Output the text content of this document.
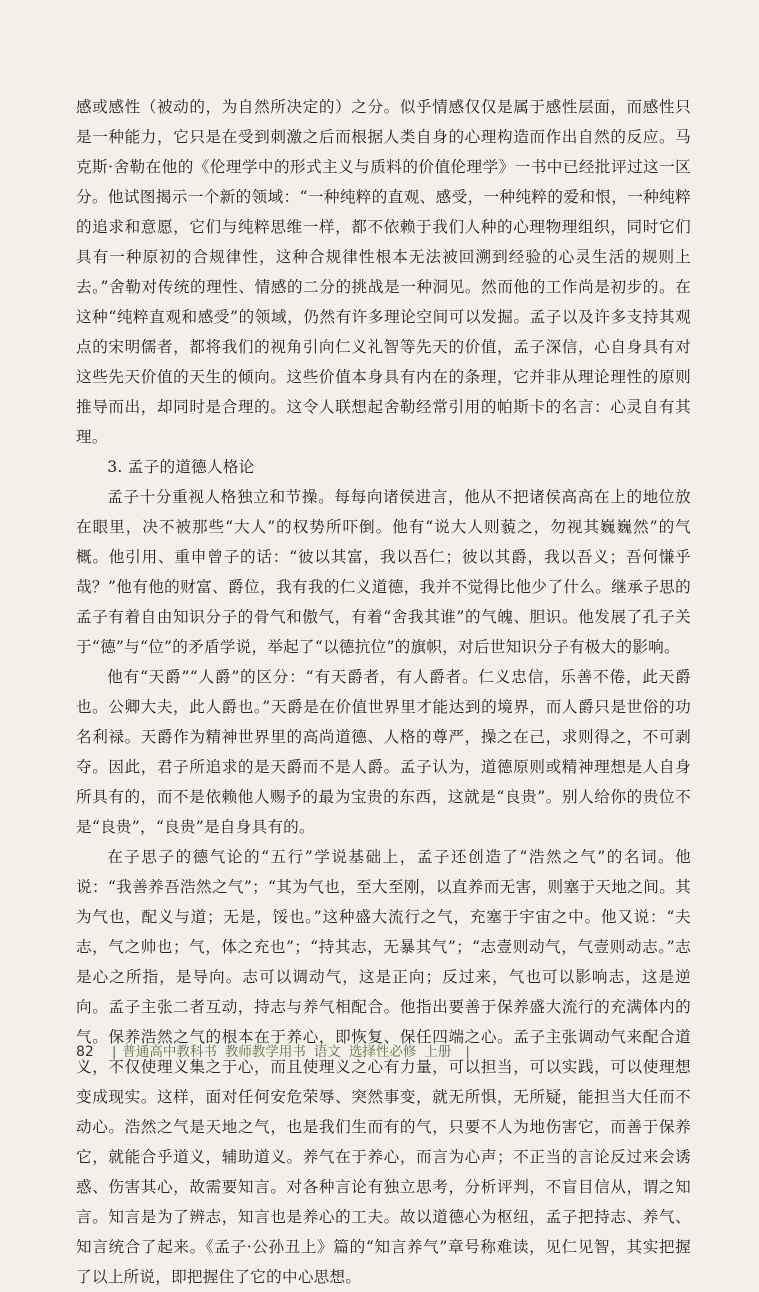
感或感性（被动的，为自然所决定的）之分。似乎情感仅仅是属于感性层面，而感性只是一种能力，它只是在受到刺激之后而根据人类自身的心理构造而作出自然的反应。马克斯·舍勒在他的《伦理学中的形式主义与质料的价值伦理学》一书中已经批评过这一区分。他试图揭示一个新的领域：“一种纯粹的直观、感受，一种纯粹的爱和恨，一种纯粹的追求和意愿，它们与纯粹思维一样，都不依赖于我们人种的心理物理组织，同时它们具有一种原初的合规律性，这种合规律性根本无法被回溯到经验的心灵生活的规则上去。”舍勒对传统的理性、情感的二分的挑战是一种洞见。然而他的工作尚是初步的。在这种“纯粹直观和感受”的领域，仍然有许多理论空间可以发掘。孟子以及许多支持其观点的宋明儒者，都将我们的视角引向仁义礼智等先天的价值，孟子深信，心自身具有对这些先天价值的天生的倾向。这些价值本身具有内在的条理，它并非从理论理性的原则推导而出，却同时是合理的。这令人联想起舍勒经常引用的帕斯卡的名言：心灵自有其理。

3. 孟子的道德人格论

孟子十分重视人格独立和节操。每每向诸侯进言，他从不把诸侯高高在上的地位放在眼里，决不被那些“大人”的权势所吓倒。他有“说大人则藐之，勿视其巍巍然”的气概。他引用、重申曾子的话：“彼以其富，我以吾仁；彼以其爵，我以吾义；吾何慊乎哉？”他有他的财富、爵位，我有我的仁义道德，我并不觉得比他少了什么。继承子思的孟子有着自由知识分子的骨气和傲气，有着“舍我其谁”的气魄、胆识。他发展了孔子关于“德”与“位”的矛盾学说，举起了“以德抗位”的旗帜，对后世知识分子有极大的影响。

他有“天爵”“人爵”的区分：“有天爵者，有人爵者。仁义忠信，乐善不倦，此天爵也。公卿大夫，此人爵也。”天爵是在价值世界里才能达到的境界，而人爵只是世俗的功名利禄。天爵作为精神世界里的高尚道德、人格的尊严，操之在己，求则得之，不可剥夺。因此，君子所追求的是天爵而不是人爵。孟子认为，道德原则或精神理想是人自身所具有的，而不是依赖他人赐予的最为宝贵的东西，这就是“良贵”。别人给你的贵位不是“良贵”，“良贵”是自身具有的。

在子思子的德气论的“五行”学说基础上，孟子还创造了“浩然之气”的名词。他说：“我善养吾浩然之气”；“其为气也，至大至刚，以直养而无害，则塞于天地之间。其为气也，配义与道；无是，馁也。”这种盛大流行之气，充塞于宇宙之中。他又说：“夫志，气之帅也；气，体之充也”；“持其志，无暴其气”；“志壹则动气，气壹则动志。”志是心之所指，是导向。志可以调动气，这是正向；反过来，气也可以影响志，这是逆向。孟子主张二者互动，持志与养气相配合。他指出要善于保养盛大流行的充满体内的气。保养浩然之气的根本在于养心，即恢复、保任四端之心。孟子主张调动气来配合道义，不仅使理义集之于心，而且使理义之心有力量，可以担当，可以实践，可以使理想变成现实。这样，面对任何安危荣辱、突然事变，就无所惧，无所疑，能担当大任而不动心。浩然之气是天地之气，也是我们生而有的气，只要不人为地伤害它，而善于保养它，就能合乎道义，辅助道义。养气在于养心，而言为心声；不正当的言论反过来会诱惑、伤害其心，故需要知言。对各种言论有独立思考，分析评判，不盲目信从，谓之知言。知言是为了辨志，知言也是养心的工夫。故以道德心为枢纽，孟子把持志、养气、知言统合了起来。《孟子·公孙丑上》篇的“知言养气”章号称难读，见仁见智，其实把握了以上所说，即把握住了它的中心思想。

82 | 普通高中教科书 教师教学用书 语文 选择性必修 上册 |
